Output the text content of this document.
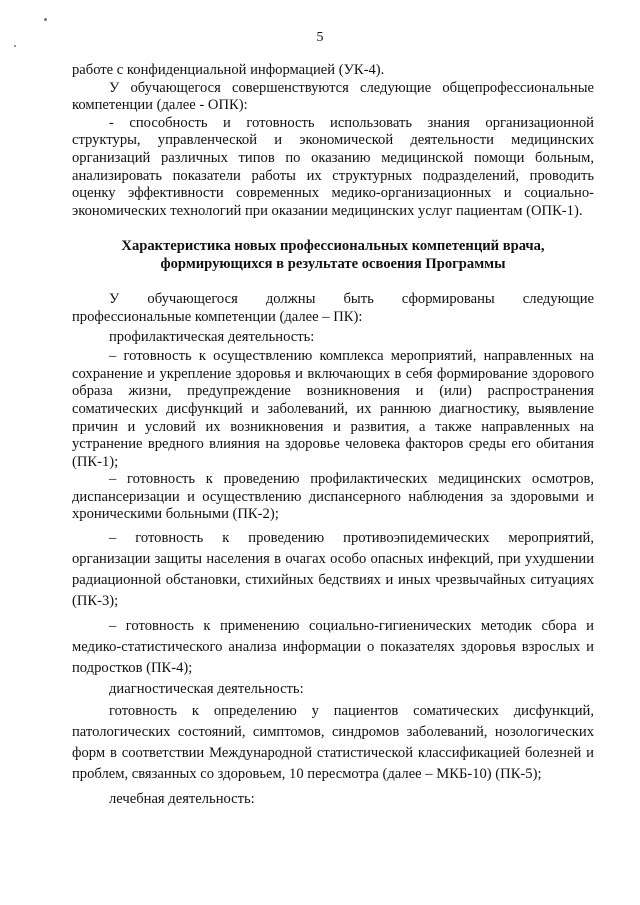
5

работе с конфиденциальной информацией (УК-4).

У обучающегося совершенствуются следующие общепрофессиональные компетенции (далее - ОПК):

- способность и готовность использовать знания организационной структуры, управленческой и экономической деятельности медицинских организаций различных типов по оказанию медицинской помощи больным, анализировать показатели работы их структурных подразделений, проводить оценку эффективности современных медико-организационных и социально-экономических технологий при оказании медицинских услуг пациентам (ОПК-1).

Характеристика новых профессиональных компетенций врача,
формирующихся в результате освоения Программы

У обучающегося должны быть сформированы следующие профессиональные компетенции (далее – ПК):

профилактическая деятельность:

– готовность к осуществлению комплекса мероприятий, направленных на сохранение и укрепление здоровья и включающих в себя формирование здорового образа жизни, предупреждение возникновения и (или) распространения соматических дисфункций и заболеваний, их раннюю диагностику, выявление причин и условий их возникновения и развития, а также направленных на устранение вредного влияния на здоровье человека факторов среды его обитания (ПК-1);

– готовность к проведению профилактических медицинских осмотров, диспансеризации и осуществлению диспансерного наблюдения за здоровыми и хроническими больными (ПК-2);

– готовность к проведению противоэпидемических мероприятий, организации защиты населения в очагах особо опасных инфекций, при ухудшении радиационной обстановки, стихийных бедствиях и иных чрезвычайных ситуациях (ПК-3);

– готовность к применению социально-гигиенических методик сбора и медико-статистического анализа информации о показателях здоровья взрослых и подростков (ПК-4);

диагностическая деятельность:

готовность к определению у пациентов соматических дисфункций, патологических состояний, симптомов, синдромов заболеваний, нозологических форм в соответствии Международной статистической классификацией болезней и проблем, связанных со здоровьем, 10 пересмотра (далее – МКБ-10) (ПК-5);

лечебная деятельность:
